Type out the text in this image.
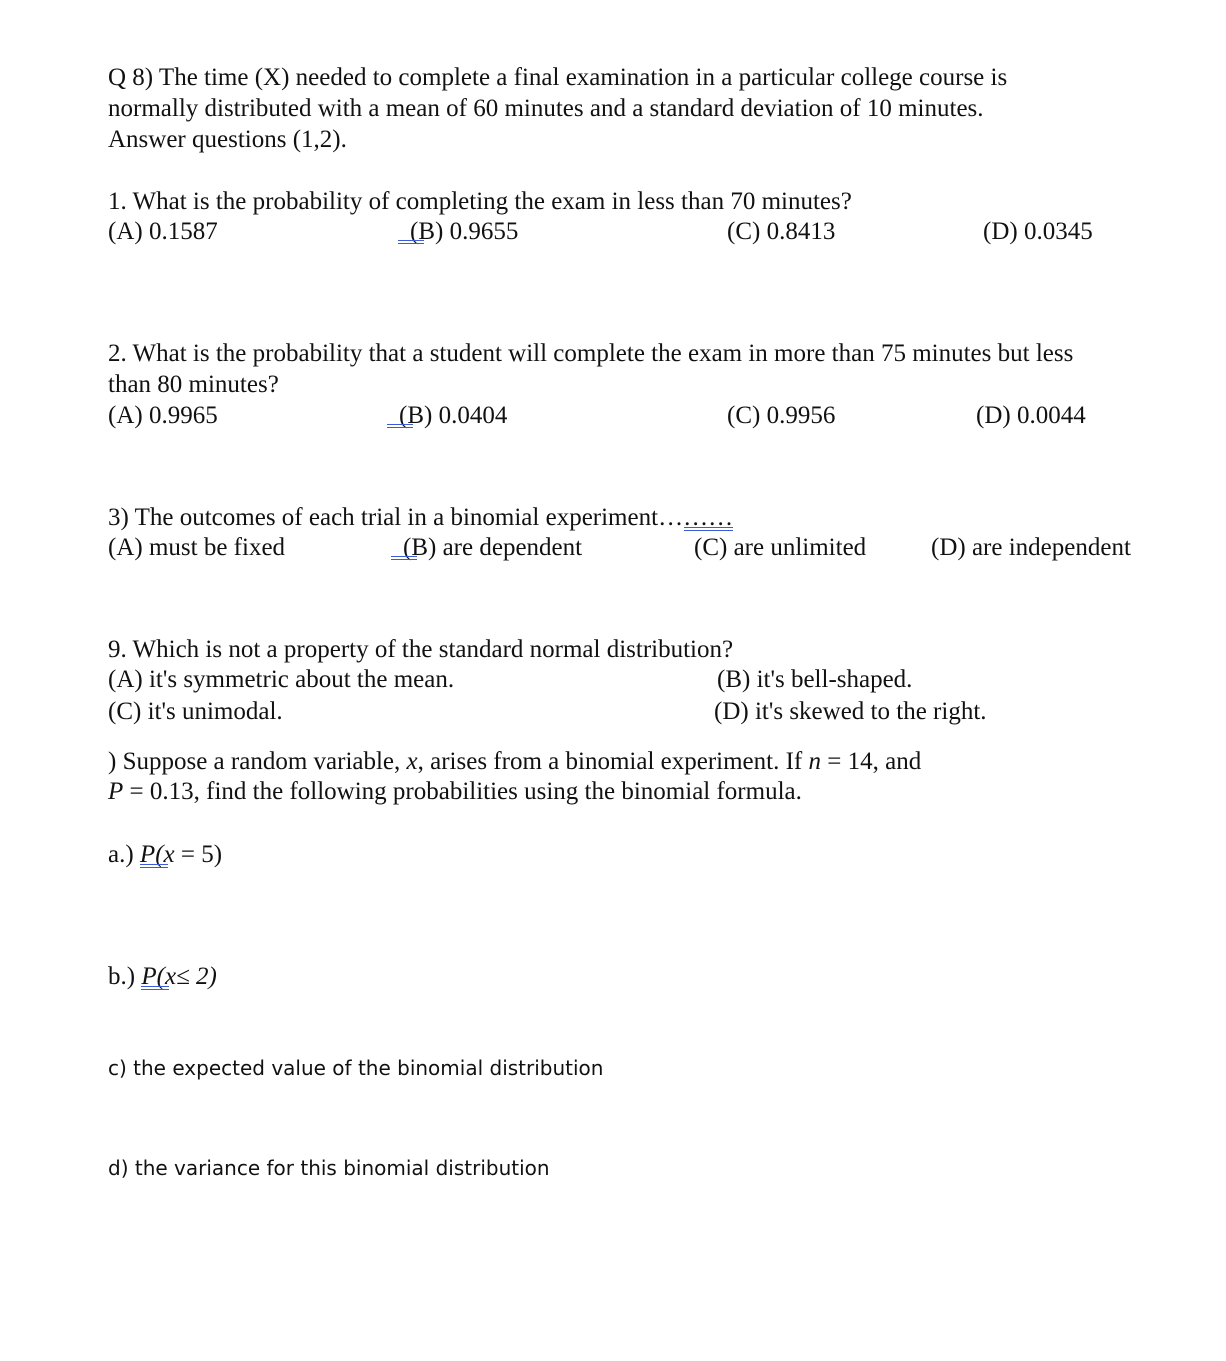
Q 8) The time (X) needed to complete a final examination in a particular college course is
normally distributed with a mean of 60 minutes and a standard deviation of 10 minutes.
Answer questions (1,2).
1. What is the probability of completing the exam in less than 70 minutes?
(A) 0.1587	(B) 0.9655	(C) 0.8413	(D) 0.0345
2. What is the probability that a student will complete the exam in more than 75 minutes but less
than 80 minutes?
(A) 0.9965	(B) 0.0404	(C) 0.9956	(D) 0.0044
3) The outcomes of each trial in a binomial experiment………
(A) must be fixed	(B) are dependent	(C) are unlimited	(D) are independent
9. Which is not a property of the standard normal distribution?
(A) it's symmetric about the mean.	(B) it's bell-shaped.
(C) it's unimodal.	(D) it's skewed to the right.
) Suppose a random variable, x, arises from a binomial experiment. If n = 14, and
P = 0.13, find the following probabilities using the binomial formula.
a.) P(x = 5)
b.) P(x≤ 2)
c) the expected value of the binomial distribution
d) the variance for this binomial distribution
